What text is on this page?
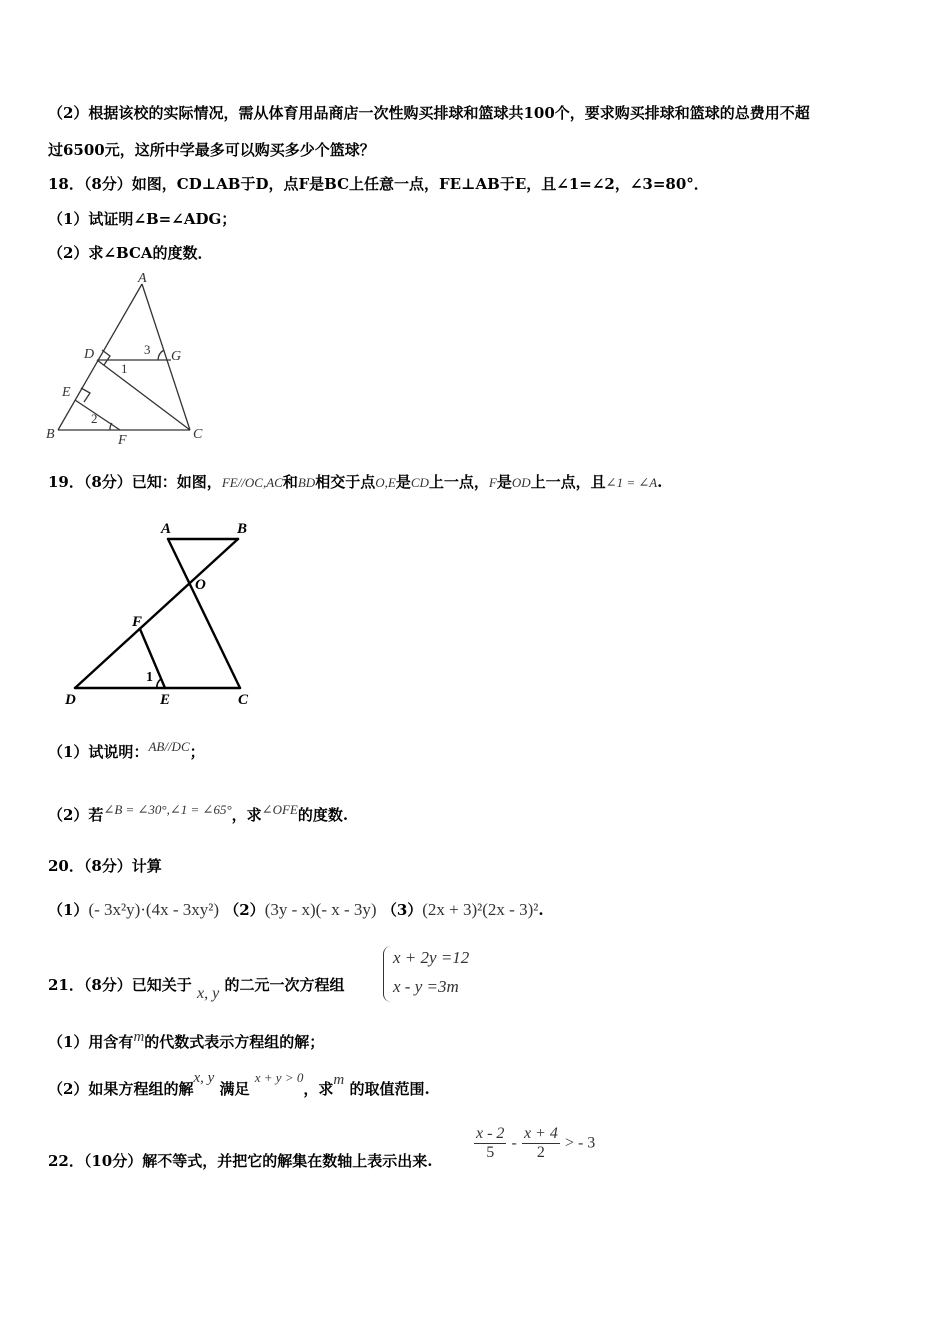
（2）根据该校的实际情况，需从体育用品商店一次性购买排球和篮球共100个，要求购买排球和篮球的总费用不超
过6500元，这所中学最多可以购买多少个篮球？
18．（8分）如图，CD⊥AB于D，点F是BC上任意一点，FE⊥AB于E，且∠1=∠2，∠3=80°．
（1）试证明∠B=∠ADG；
（2）求∠BCA的度数．
A
B	C
D
E
F
G
1
2
3
19．（8分）已知：如图，FE//OC,AC和BD相交于点O,E是CD上一点，F是OD上一点，且∠1 = ∠A.
A	B
C
D	E
F
O
1
（1）试说明：AB//DC；
（2）若∠B = ∠30°,∠1 = ∠65°，求∠OFE的度数.
20．（8分）计算
（1）(- 3x²y)·(4x - 3xy²) （2）(3y - x)(- x - 3y) （3）(2x + 3)²(2x - 3)².
21．（8分）已知关于 x, y 的二元一次方程组
x + 2y =12
x - y =3m
（1）用含有m的代数式表示方程组的解；
（2）如果方程组的解x, y 满足 x + y > 0，求m 的取值范围.
22．（10分）解不等式，并把它的解集在数轴上表示出来.	$\frac{x - 2}{5} - \frac{x + 4}{2}$ > - 3
